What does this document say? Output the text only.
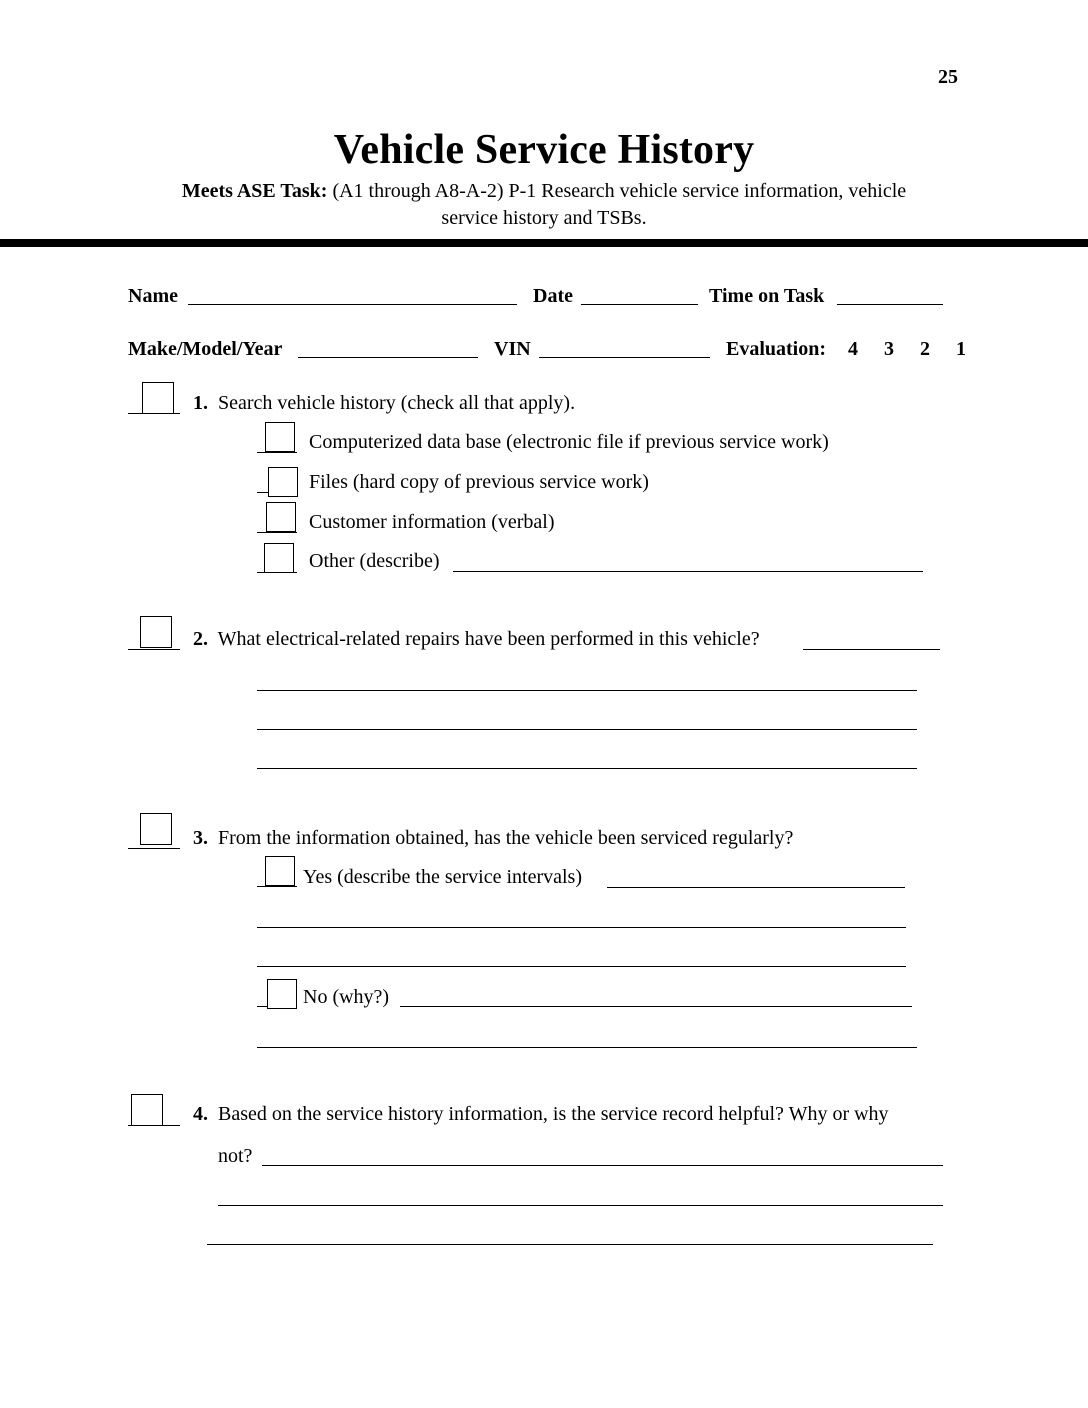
25
Vehicle Service History
Meets ASE Task: (A1 through A8-A-2) P-1 Research vehicle service information, vehicle
service history and TSBs.
Name	Date	Time on Task
Make/Model/Year	VIN	Evaluation: 4 3 2 1
1. Search vehicle history (check all that apply).
Computerized data base (electronic file if previous service work)
Files (hard copy of previous service work)
Customer information (verbal)
Other (describe)
2. What electrical-related repairs have been performed in this vehicle?
3. From the information obtained, has the vehicle been serviced regularly?
Yes (describe the service intervals)
No (why?)
4. Based on the service history information, is the service record helpful? Why or why
not?
